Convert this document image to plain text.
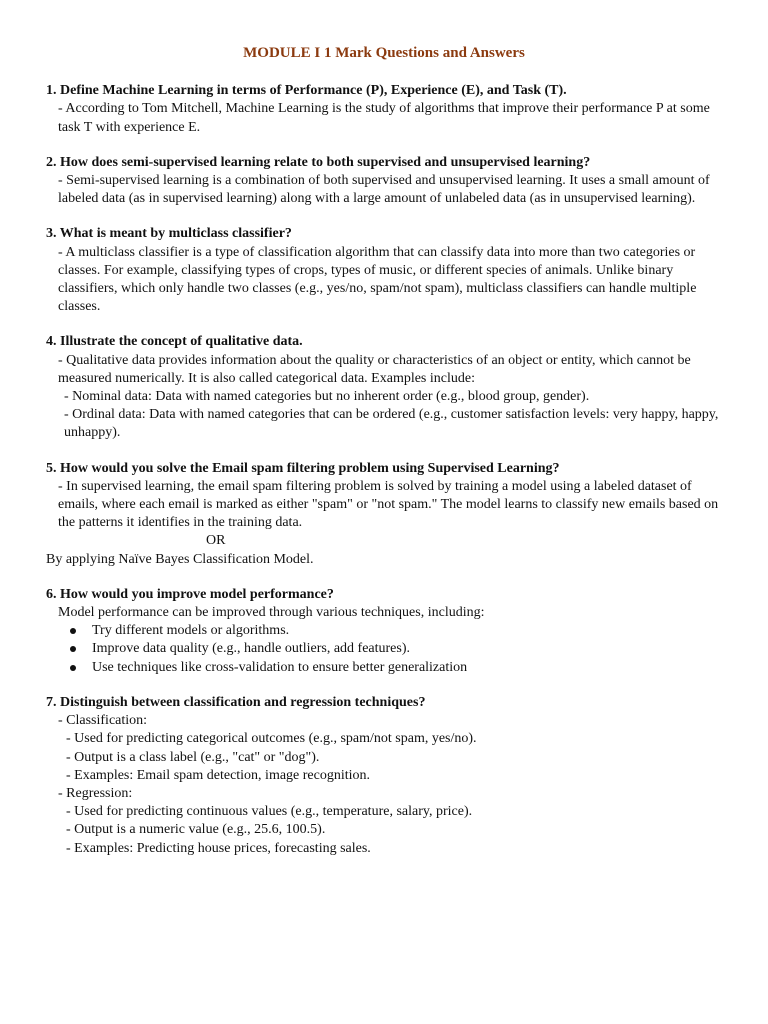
MODULE I 1 Mark Questions and Answers
1. Define Machine Learning in terms of Performance (P), Experience (E), and Task (T).
- According to Tom Mitchell, Machine Learning is the study of algorithms that improve their performance P at some task T with experience E.
2. How does semi-supervised learning relate to both supervised and unsupervised learning?
- Semi-supervised learning is a combination of both supervised and unsupervised learning. It uses a small amount of labeled data (as in supervised learning) along with a large amount of unlabeled data (as in unsupervised learning).
3. What is meant by multiclass classifier?
- A multiclass classifier is a type of classification algorithm that can classify data into more than two categories or classes. For example, classifying types of crops, types of music, or different species of animals. Unlike binary classifiers, which only handle two classes (e.g., yes/no, spam/not spam), multiclass classifiers can handle multiple classes.
4. Illustrate the concept of qualitative data.
- Qualitative data provides information about the quality or characteristics of an object or entity, which cannot be measured numerically. It is also called categorical data. Examples include:
- Nominal data: Data with named categories but no inherent order (e.g., blood group, gender).
- Ordinal data: Data with named categories that can be ordered (e.g., customer satisfaction levels: very happy, happy, unhappy).
5. How would you solve the Email spam filtering problem using Supervised Learning?
- In supervised learning, the email spam filtering problem is solved by training a model using a labeled dataset of emails, where each email is marked as either "spam" or "not spam." The model learns to classify new emails based on the patterns it identifies in the training data.
OR
By applying Naïve Bayes Classification Model.
6. How would you improve model performance?
Model performance can be improved through various techniques, including:
Try different models or algorithms.
Improve data quality (e.g., handle outliers, add features).
Use techniques like cross-validation to ensure better generalization
7. Distinguish between classification and regression techniques?
- Classification:
- Used for predicting categorical outcomes (e.g., spam/not spam, yes/no).
- Output is a class label (e.g., "cat" or "dog").
- Examples: Email spam detection, image recognition.
- Regression:
- Used for predicting continuous values (e.g., temperature, salary, price).
- Output is a numeric value (e.g., 25.6, 100.5).
- Examples: Predicting house prices, forecasting sales.
